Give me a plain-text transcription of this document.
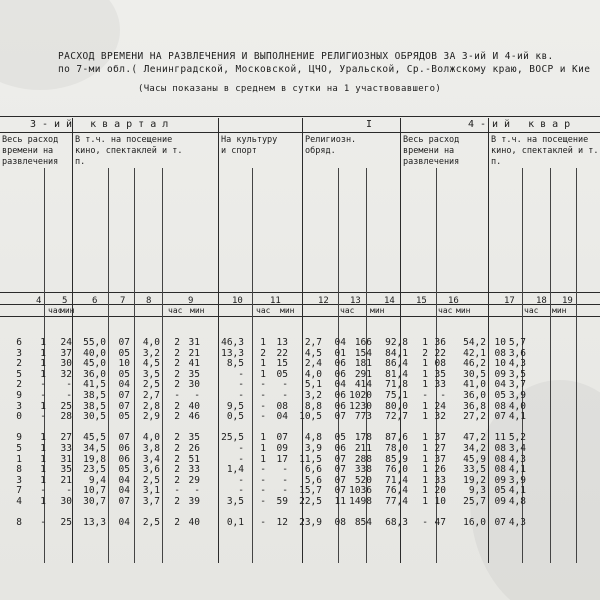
РАСХОД ВРЕМЕНИ НА РАЗВЛЕЧЕНИЯ И ВЫПОЛНЕНИЕ РЕЛИГИОЗНЫХ ОБРЯДОВ ЗА 3-ий И 4-ий кв.
по 7-ми обл.( Ленинградской, Московской, ЦЧО, Уральской, Ср.-Волжскому краю, ВОСР и Кие
(Часы показаны в среднем в сутки на 1 участвовавшего)
3-ий квартал	I	4-ий квар
Весь расход
времени на
развлечения
В т.ч. на посещение
кино, спектаклей и т.
п.
На культуру
и спорт
Религиозн.
обряд.
Весь расход
времени на
развлечения
В т.ч. на посещение
кино, спектаклей и т.
п.
4 5	6	7 8	9	10	11	12 13	14 15 16	17 18 19
час
мин	час мин	час мин	час мин	час мин	час мин
6	1	24	55,0	07	4,0	2	31	46,3	1	13	2,7	04	166	92,8	1	36	54,2	10	5,7
3	1	37	40,0	05	3,2	2	21	13,3	2	22	4,5	01	154	84,1	2	22	42,1	08	3,6
2	1	30	45,0	10	4,5	2	41	8,5	1	15	2,4	06	181	86,4	1	08	46,2	10	4,3
5	1	32	36,0	05	3,5	2	35	-	1	05	4,0	06	291	81,4	1	35	30,5	09	3,5
2	-	-	41,5	04	2,5	2	30	-	-	-	5,1	04	414	71,8	1	33	41,0	04	3,7
9	-	-	38,5	07	2,7	-	-	-	-	-	3,2	06	1020	75,1	-	-	36,0	05	3,9
3	1	25	38,5	07	2,8	2	40	9,5	-	08	8,8	06	1230	80,0	1	24	36,8	08	4,0
0	-	28	30,5	05	2,9	2	46	0,5	-	04	10,5	07	773	72,7	1	32	27,2	07	4,1

9	1	27	45,5	07	4,0	2	35	25,5	1	07	4,8	05	178	87,6	1	37	47,2	11	5,2
5	1	33	34,5	06	3,8	2	26	-	1	09	3,9	06	211	78,0	1	27	34,2	08	3,4
1	1	31	19,8	06	3,4	2	51	-	1	17	11,5	07	288	85,9	1	37	45,9	08	4,3
8	1	35	23,5	05	3,6	2	33	1,4	-	-	6,6	07	338	76,0	1	26	33,5	08	4,1
3	1	21	9,4	04	2,5	2	29	-	-	-	5,6	07	520	71,4	1	33	19,2	09	3,9
7	-	-	10,7	04	3,1	-	-	-	-	-	15,7	07	1036	76,4	1	20	9,3	05	4,1
4	1	30	30,7	07	3,7	2	39	3,5	-	59	22,5	11	1498	77,4	1	10	25,7	09	4,8

8	-	25	13,3	04	2,5	2	40	0,1	-	12	23,9	08	854	68,3	-	47	16,0	07	4,3
